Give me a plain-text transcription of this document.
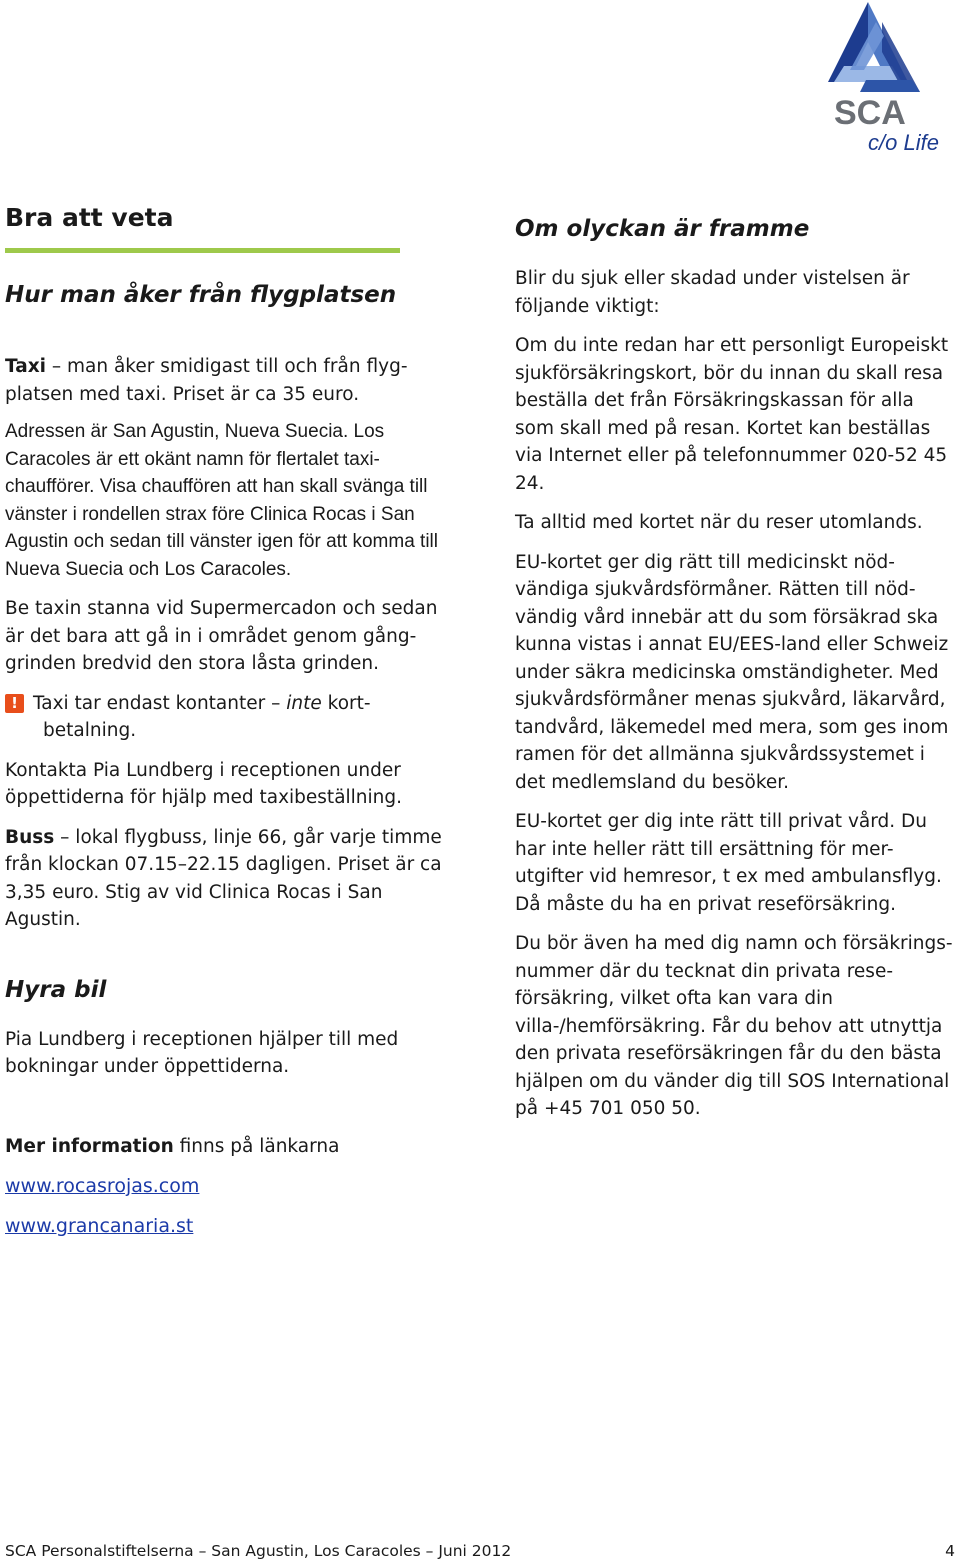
SCA
c/o Life
Bra att veta
Hur man åker från flygplatsen

Taxi – man åker smidigast till och från flyg-platsen med taxi. Priset är ca 35 euro.

Adressen är San Agustin, Nueva Suecia. Los Caracoles är ett okänt namn för flertalet taxi-chaufförer. Visa chauffören att han skall svänga till vänster i rondellen strax före Clinica Rocas i San Agustin och sedan till vänster igen för att komma till Nueva Suecia och Los Caracoles.

Be taxin stanna vid Supermercadon och sedan är det bara att gå in i området genom gång-grinden bredvid den stora låsta grinden.

! Taxi tar endast kontanter – inte kort-

betalning.

Kontakta Pia Lundberg i receptionen under öppettiderna för hjälp med taxibeställning.

Buss – lokal flygbuss, linje 66, går varje timme från klockan 07.15–22.15 dagligen. Priset är ca 3,35 euro. Stig av vid Clinica Rocas i San Agustin.

Hyra bil

Pia Lundberg i receptionen hjälper till med bokningar under öppettiderna.

Mer information finns på länkarna

www.rocasrojas.com
www.grancanaria.st
Om olyckan är framme

Blir du sjuk eller skadad under vistelsen är följande viktigt:

Om du inte redan har ett personligt Europeiskt sjukförsäkringskort, bör du innan du skall resa beställa det från Försäkringskassan för alla som skall med på resan. Kortet kan beställas via Internet eller på telefonnummer 020-52 45 24.

Ta alltid med kortet när du reser utomlands.

EU-kortet ger dig rätt till medicinskt nöd-vändiga sjukvårdsförmåner. Rätten till nöd-vändig vård innebär att du som försäkrad ska kunna vistas i annat EU/EES-land eller Schweiz under säkra medicinska omständigheter. Med sjukvårdsförmåner menas sjukvård, läkarvård, tandvård, läkemedel med mera, som ges inom ramen för det allmänna sjukvårdssystemet i det medlemsland du besöker.

EU-kortet ger dig inte rätt till privat vård. Du har inte heller rätt till ersättning för mer-utgifter vid hemresor, t ex med ambulansflyg. Då måste du ha en privat reseförsäkring.

Du bör även ha med dig namn och försäkrings-nummer där du tecknat din privata rese-försäkring, vilket ofta kan vara din villa-/hemförsäkring. Får du behov att utnyttja den privata reseförsäkringen får du den bästa hjälpen om du vänder dig till SOS International på +45 701 050 50.

SCA Personalstiftelserna – San Agustin, Los Caracoles – Juni 2012	4
